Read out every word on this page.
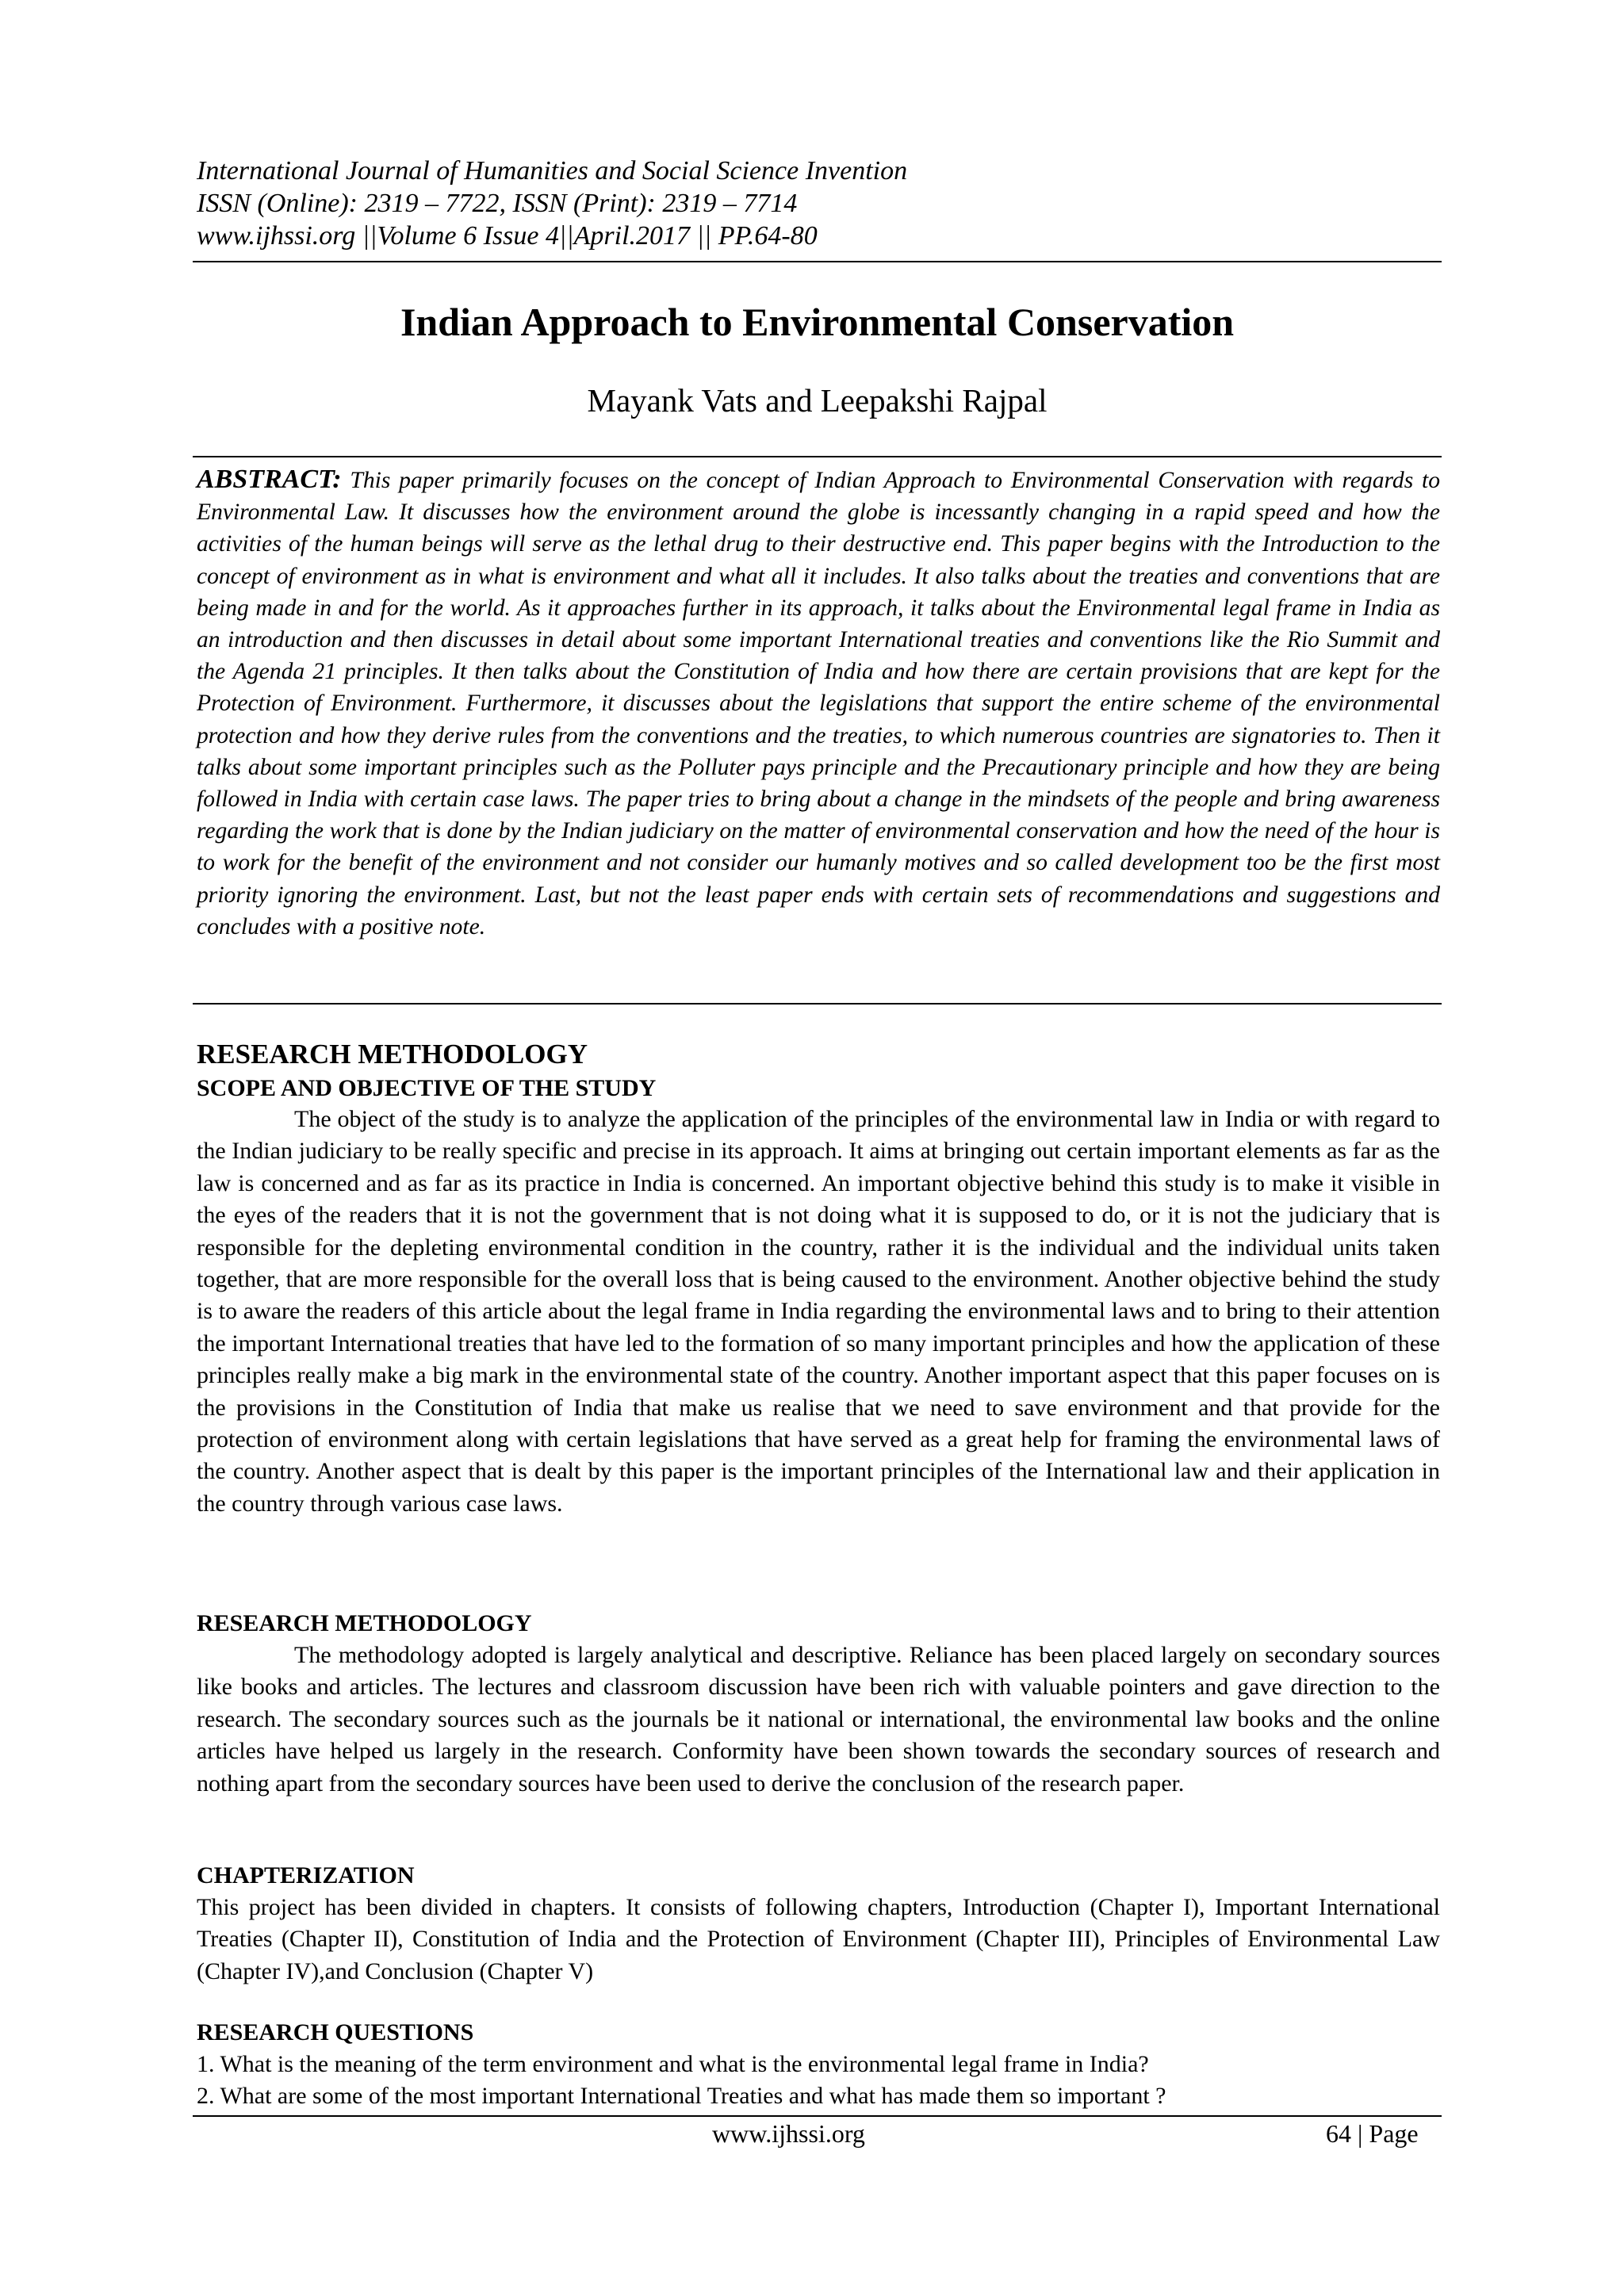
International Journal of Humanities and Social Science Invention
ISSN (Online): 2319 – 7722, ISSN (Print): 2319 – 7714
www.ijhssi.org ||Volume 6 Issue 4||April.2017 || PP.64-80
Indian Approach to Environmental Conservation
Mayank Vats and Leepakshi Rajpal

ABSTRACT: This paper primarily focuses on the concept of Indian Approach to Environmental Conservation with regards to Environmental Law. It discusses how the environment around the globe is incessantly changing in a rapid speed and how the activities of the human beings will serve as the lethal drug to their destructive end. This paper begins with the Introduction to the concept of environment as in what is environment and what all it includes. It also talks about the treaties and conventions that are being made in and for the world. As it approaches further in its approach, it talks about the Environmental legal frame in India as an introduction and then discusses in detail about some important International treaties and conventions like the Rio Summit and the Agenda 21 principles. It then talks about the Constitution of India and how there are certain provisions that are kept for the Protection of Environment. Furthermore, it discusses about the legislations that support the entire scheme of the environmental protection and how they derive rules from the conventions and the treaties, to which numerous countries are signatories to. Then it talks about some important principles such as the Polluter pays principle and the Precautionary principle and how they are being followed in India with certain case laws. The paper tries to bring about a change in the mindsets of the people and bring awareness regarding the work that is done by the Indian judiciary on the matter of environmental conservation and how the need of the hour is to work for the benefit of the environment and not consider our humanly motives and so called development too be the first most priority ignoring the environment. Last, but not the least paper ends with certain sets of recommendations and suggestions and concludes with a positive note.

RESEARCH METHODOLOGY
SCOPE AND OBJECTIVE OF THE STUDY

The object of the study is to analyze the application of the principles of the environmental law in India or with regard to the Indian judiciary to be really specific and precise in its approach. It aims at bringing out certain important elements as far as the law is concerned and as far as its practice in India is concerned. An important objective behind this study is to make it visible in the eyes of the readers that it is not the government that is not doing what it is supposed to do, or it is not the judiciary that is responsible for the depleting environmental condition in the country, rather it is the individual and the individual units taken together, that are more responsible for the overall loss that is being caused to the environment. Another objective behind the study is to aware the readers of this article about the legal frame in India regarding the environmental laws and to bring to their attention the important International treaties that have led to the formation of so many important principles and how the application of these principles really make a big mark in the environmental state of the country. Another important aspect that this paper focuses on is the provisions in the Constitution of India that make us realise that we need to save environment and that provide for the protection of environment along with certain legislations that have served as a great help for framing the environmental laws of the country. Another aspect that is dealt by this paper is the important principles of the International law and their application in the country through various case laws.

RESEARCH METHODOLOGY

The methodology adopted is largely analytical and descriptive. Reliance has been placed largely on secondary sources like books and articles. The lectures and classroom discussion have been rich with valuable pointers and gave direction to the research. The secondary sources such as the journals be it national or international, the environmental law books and the online articles have helped us largely in the research. Conformity have been shown towards the secondary sources of research and nothing apart from the secondary sources have been used to derive the conclusion of the research paper.

CHAPTERIZATION

This project has been divided in chapters. It consists of following chapters, Introduction (Chapter I), Important International Treaties (Chapter II), Constitution of India and the Protection of Environment (Chapter III), Principles of Environmental Law (Chapter IV),and Conclusion (Chapter V)

RESEARCH QUESTIONS
1. What is the meaning of the term environment and what is the environmental legal frame in India?
2. What are some of the most important International Treaties and what has made them so important ?
www.ijhssi.org	64 | Page
